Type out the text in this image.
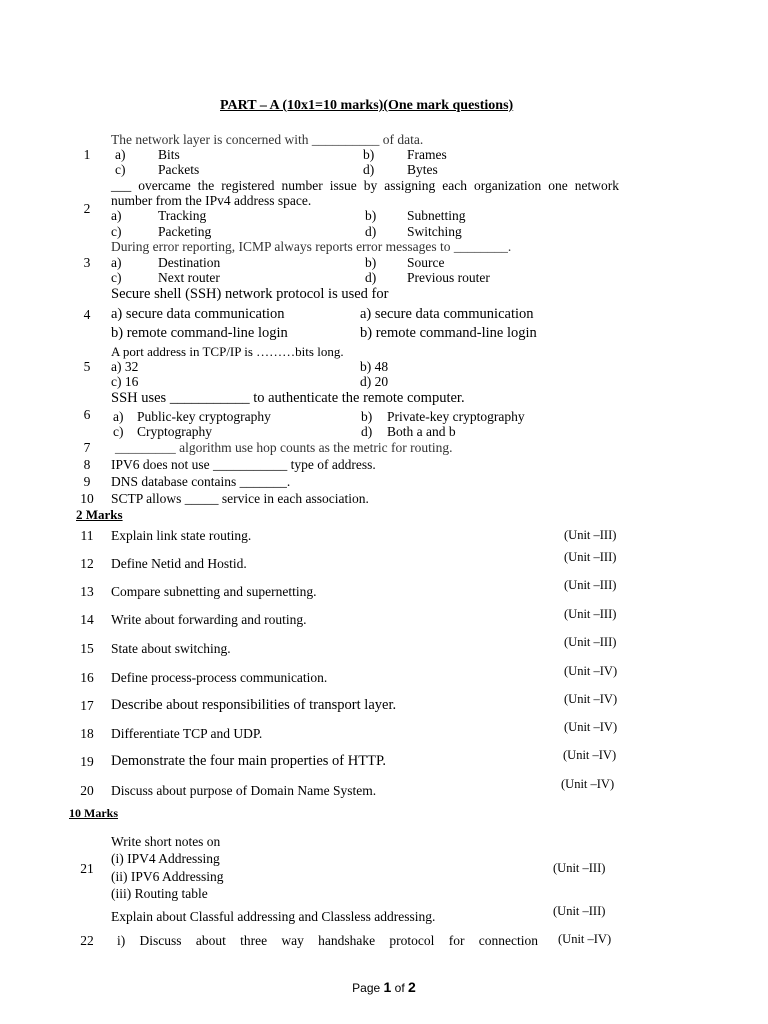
PART – A (10x1=10 marks)(One mark questions)
The network layer is concerned with __________ of data.
1	a) Bits	b) Frames
c) Packets	d) Bytes
___ overcame the registered number issue by assigning each organization one network
number from the IPv4 address space.
2	a)	Tracking	b) Subnetting
c)	Packeting	d) Switching
During error reporting, ICMP always reports error messages to ________.
3	a)	Destination	b) Source
c)	Next router	d) Previous router
Secure shell (SSH) network protocol is used for
4	a) secure data communication	a) secure data communication
b) remote command-line login	b) remote command-line login
A port address in TCP/IP is ………bits long.
5	a) 32	b) 48
c) 16	d) 20
SSH uses ___________ to authenticate the remote computer.
6	a) Public-key cryptography	b) Private-key cryptography
c) Cryptography	d) Both a and b
7	_________ algorithm use hop counts as the metric for routing.
8	IPV6 does not use ___________ type of address.
9	DNS database contains _______.
10	SCTP allows _____ service in each association.
2 Marks
11	Explain link state routing.	(Unit –III)
12	Define Netid and Hostid.	(Unit –III)
13	Compare subnetting and supernetting.	(Unit –III)
14	Write about forwarding and routing.	(Unit –III)
15	State about switching.	(Unit –III)
16	Define process-process communication.	(Unit –IV)
17	Describe about responsibilities of transport layer.	(Unit –IV)
18	Differentiate TCP and UDP.	(Unit –IV)
19	Demonstrate the four main properties of HTTP.	(Unit –IV)
20	Discuss about purpose of Domain Name System.	(Unit –IV)
10 Marks
Write short notes on
(i) IPV4 Addressing
21	(Unit –III)
(ii) IPV6 Addressing
(iii) Routing table
Explain about Classful addressing and Classless addressing.	(Unit –III)
22	i) Discuss about three way handshake protocol for connection (Unit –IV)
Page 1 of 2
